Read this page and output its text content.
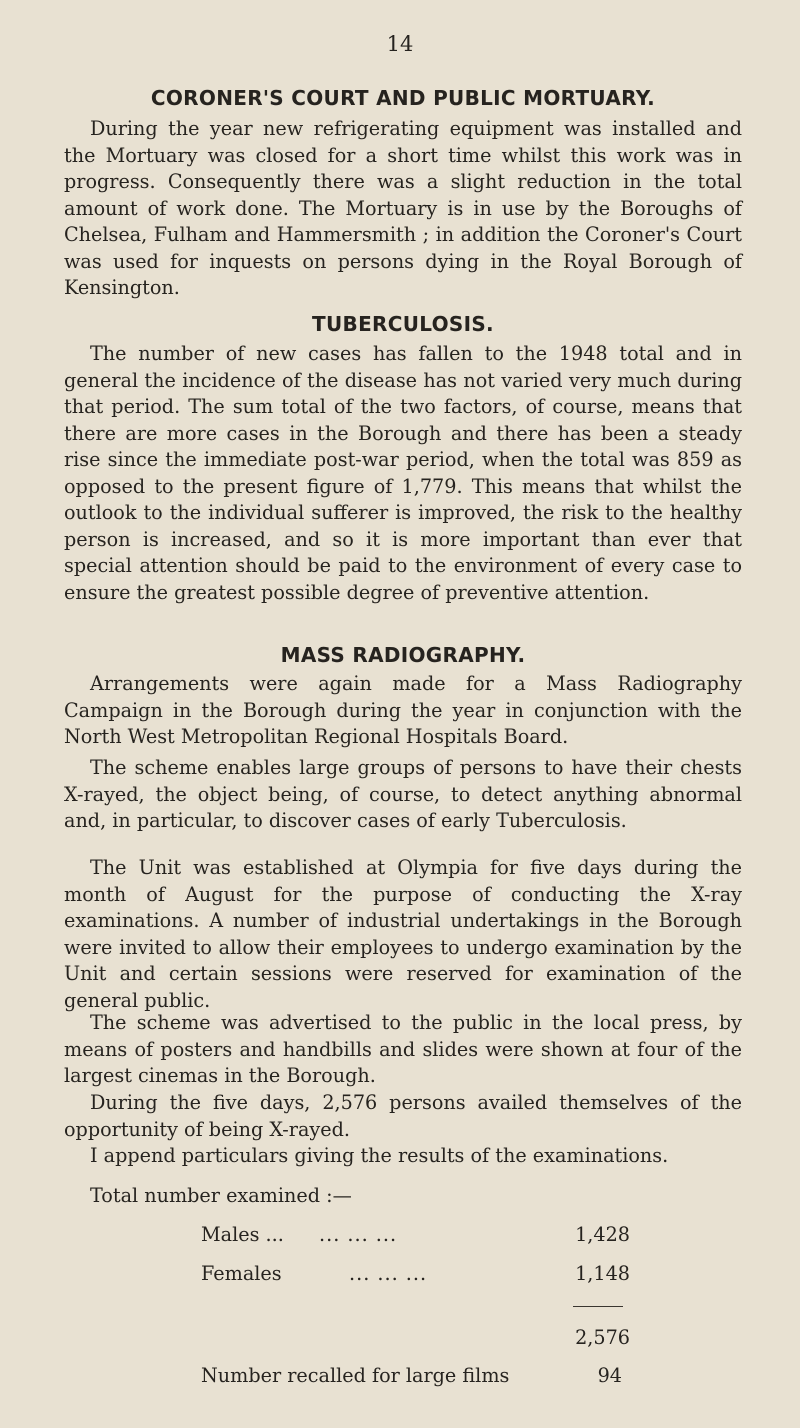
14
CORONER'S COURT AND PUBLIC MORTUARY.

During the year new refrigerating equipment was installed and the Mortuary was closed for a short time whilst this work was in progress. Consequently there was a slight reduction in the total amount of work done. The Mortuary is in use by the Boroughs of Chelsea, Fulham and Hammersmith ; in addition the Coroner's Court was used for inquests on persons dying in the Royal Borough of Kensington.

TUBERCULOSIS.

The number of new cases has fallen to the 1948 total and in general the incidence of the disease has not varied very much during that period. The sum total of the two factors, of course, means that there are more cases in the Borough and there has been a steady rise since the immediate post-war period, when the total was 859 as opposed to the present figure of 1,779. This means that whilst the outlook to the individual sufferer is improved, the risk to the healthy person is increased, and so it is more important than ever that special attention should be paid to the environment of every case to ensure the greatest possible degree of preventive attention.

MASS RADIOGRAPHY.

Arrangements were again made for a Mass Radiography Campaign in the Borough during the year in conjunction with the North West Metropolitan Regional Hospitals Board.

The scheme enables large groups of persons to have their chests X-rayed, the object being, of course, to detect anything abnormal and, in particular, to discover cases of early Tuberculosis.

The Unit was established at Olympia for five days during the month of August for the purpose of conducting the X-ray examinations. A number of industrial undertakings in the Borough were invited to allow their employees to undergo examination by the Unit and certain sessions were reserved for examination of the general public.

The scheme was advertised to the public in the local press, by means of posters and handbills and slides were shown at four of the largest cinemas in the Borough.

During the five days, 2,576 persons availed themselves of the opportunity of being X-rayed.

I append particulars giving the results of the examinations.

Total number examined :—

Males ... ... ... ...	1,428
Females	... ... ...	1,148
2,576
Number recalled for large films	94
